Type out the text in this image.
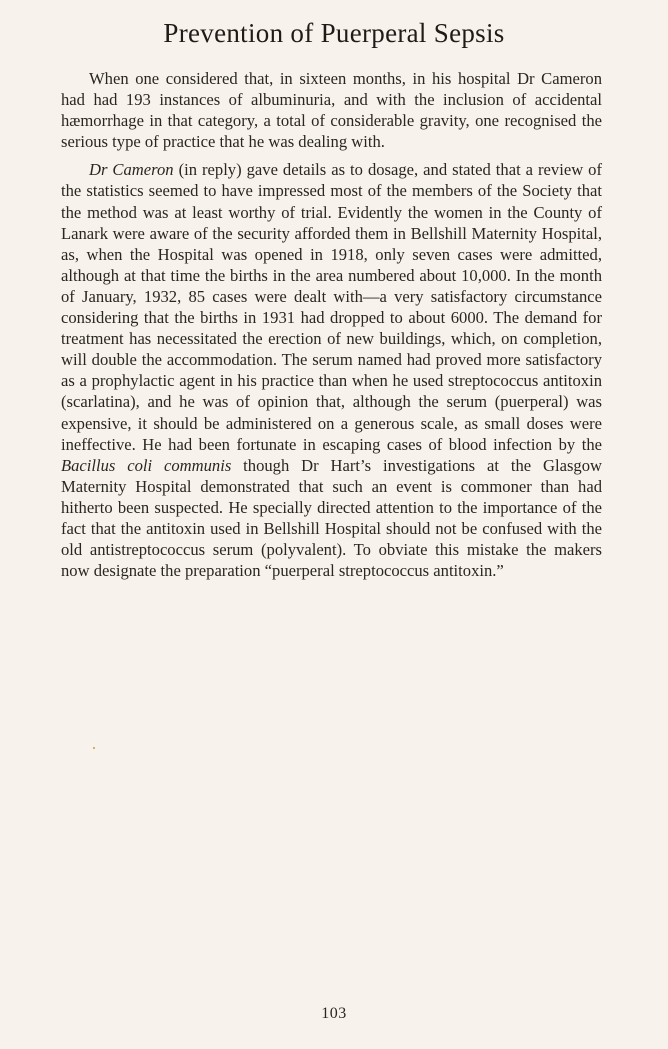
Prevention of Puerperal Sepsis

When one considered that, in sixteen months, in his hospital Dr Cameron had had 193 instances of albuminuria, and with the inclusion of accidental hæmorrhage in that category, a total of considerable gravity, one recognised the serious type of practice that he was dealing with.

Dr Cameron (in reply) gave details as to dosage, and stated that a review of the statistics seemed to have impressed most of the members of the Society that the method was at least worthy of trial. Evidently the women in the County of Lanark were aware of the security afforded them in Bellshill Maternity Hospital, as, when the Hospital was opened in 1918, only seven cases were admitted, although at that time the births in the area numbered about 10,000. In the month of January, 1932, 85 cases were dealt with—a very satisfactory circumstance considering that the births in 1931 had dropped to about 6000. The demand for treatment has necessitated the erection of new buildings, which, on completion, will double the accommodation. The serum named had proved more satisfactory as a prophylactic agent in his practice than when he used streptococcus antitoxin (scarlatina), and he was of opinion that, although the serum (puerperal) was expensive, it should be administered on a generous scale, as small doses were ineffective. He had been fortunate in escaping cases of blood infection by the Bacillus coli communis though Dr Hart’s investigations at the Glasgow Maternity Hospital demonstrated that such an event is commoner than had hitherto been suspected. He specially directed attention to the importance of the fact that the antitoxin used in Bellshill Hospital should not be confused with the old antistreptococcus serum (polyvalent). To obviate this mistake the makers now designate the preparation “puerperal streptococcus antitoxin.”

103
